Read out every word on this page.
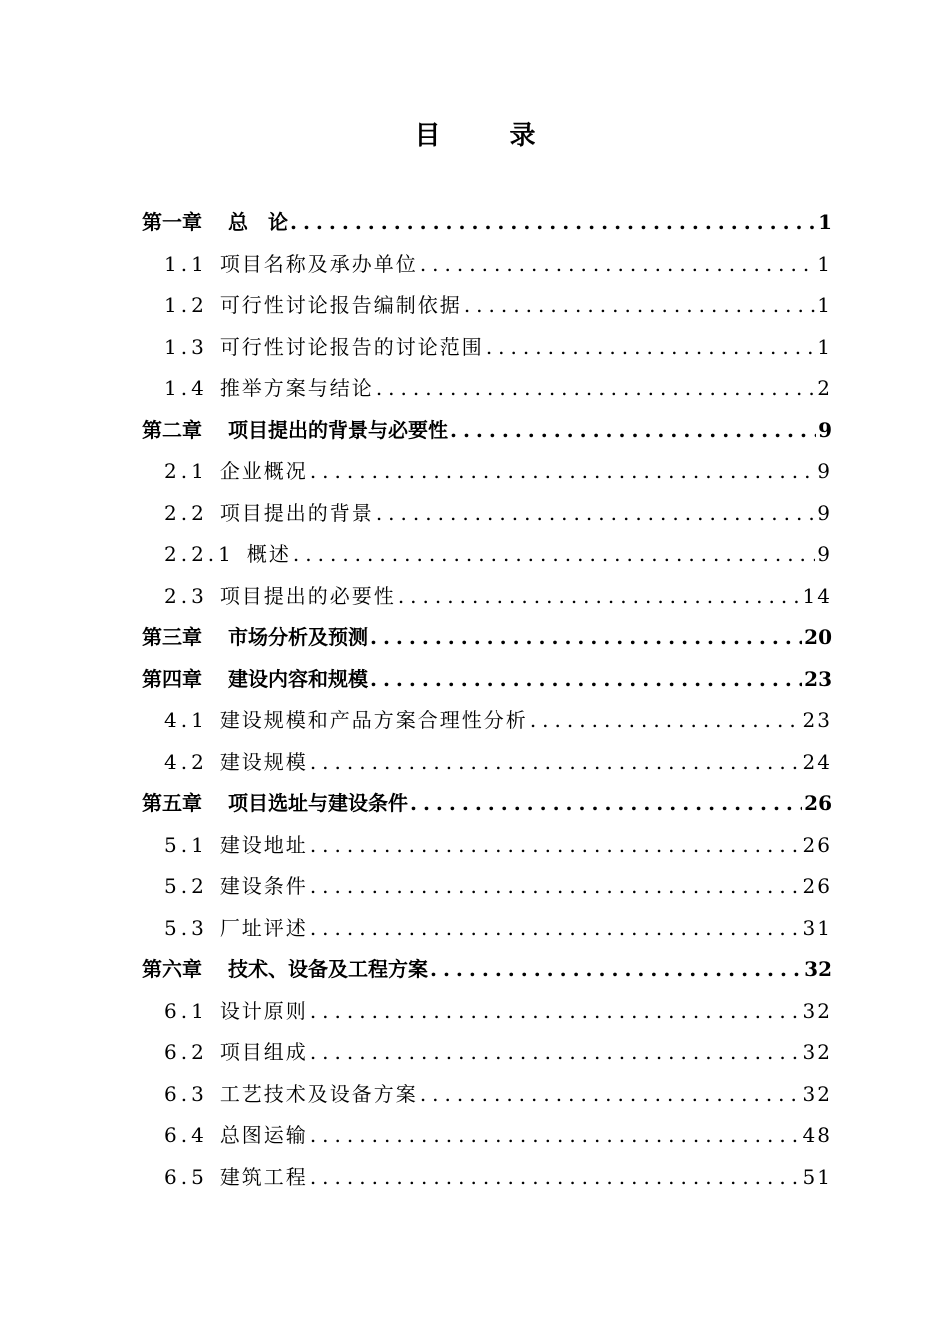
目 录
第一章 总　论 .....	1
1.1 项目名称及承办单位 .....	1
1.2 可行性讨论报告编制依据 .....	1
1.3 可行性讨论报告的讨论范围 .....	1
1.4 推举方案与结论 .....	2
第二章 项目提出的背景与必要性 .....	9
2.1 企业概况 .....	9
2.2 项目提出的背景 .....	9
2.2.1 概述 .....	9
2.3 项目提出的必要性 .....	14
第三章 市场分析及预测 .....	20
第四章 建设内容和规模 .....	23
4.1 建设规模和产品方案合理性分析 .....	23
4.2 建设规模 .....	24
第五章 项目选址与建设条件 .....	26
5.1 建设地址 .....	26
5.2 建设条件 .....	26
5.3 厂址评述 .....	31
第六章 技术、设备及工程方案 .....	32
6.1 设计原则 .....	32
6.2 项目组成 .....	32
6.3 工艺技术及设备方案 .....	32
6.4 总图运输 .....	48
6.5 建筑工程 .....	51
